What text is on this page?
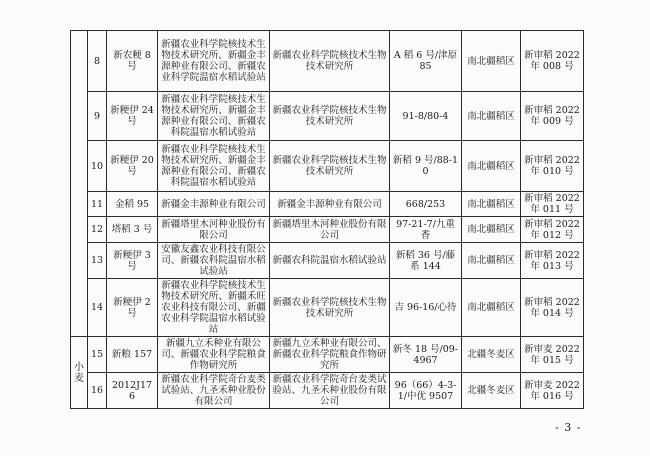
	8	新农粳 8 号	新疆农业科学院核技术生物技术研究所、新疆金丰源种业有限公司、新疆农业科学院温宿水稻试验站	新疆农业科学院核技术生物技术研究所	A 稻 6 号/津原 85	南北疆稻区	新审稻 2022 年 008 号
	9	新粳伊 24 号	新疆农业科学院核技术生物技术研究所、新疆金丰源种业有限公司、新疆农科院温宿水稻试验站	新疆农业科学院核技术生物技术研究所	91-8/80-4	南北疆稻区	新审稻 2022 年 009 号
	10	新粳伊 20 号	新疆农业科学院核技术生物技术研究所、新疆金丰源种业有限公司、新疆农科院温宿水稻试验站	新疆农业科学院核技术生物技术研究所	新稻 9 号/88-10	南北疆稻区	新审稻 2022 年 010 号
	11	金稻 95	新疆金丰源种业有限公司	新疆金丰源种业有限公司	668/253	南北疆稻区	新审稻 2022 年 011 号
	12	塔稻 3 号	新疆塔里木河种业股份有限公司	新疆塔里木河种业股份有限公司	97-21-7/九重香	南北疆稻区	新审稻 2022 年 012 号
	13	新粳伊 3 号	安徽友鑫农业科技有限公司、新疆农科院温宿水稻试验站	新疆农科院温宿水稻试验站	新稻 36 号/藤系 144	南北疆稻区	新审稻 2022 年 013 号
	14	新粳伊 2 号	新疆农业科学院核技术生物技术研究所、新疆禾旺农业科技有限公司、新疆农业科学院温宿水稻试验站	新疆农业科学院核技术生物技术研究所	吉 96-16/心待	南北疆稻区	新审稻 2022 年 014 号
小麦	15	新粮 157	新疆九立禾种业有限公司、新疆农业科学院粮食作物研究所	新疆九立禾种业有限公司、新疆农业科学院粮食作物研究所	新冬 18 号/09-4967	北疆冬麦区	新审麦 2022 年 015 号
	16	2012J176	新疆农业科学院奇台麦类试验站、九圣禾种业股份有限公司	新疆农业科学院奇台麦类试验站、九圣禾种业股份有限公司	96（66）4-3-1/中优 9507	北疆冬麦区	新审麦 2022 年 016 号
- 3 -
